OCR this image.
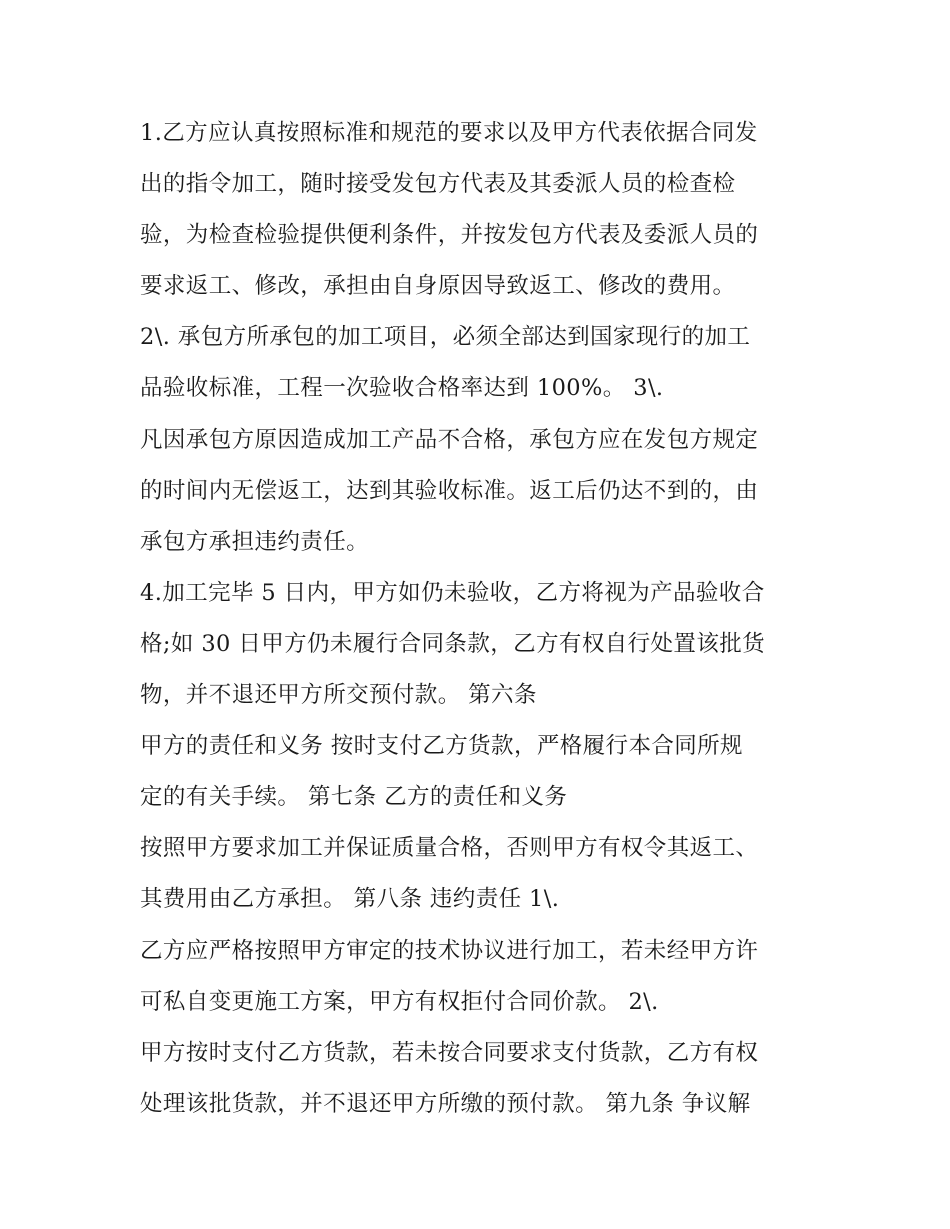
1.乙方应认真按照标准和规范的要求以及甲方代表依据合同发
出的指令加工，随时接受发包方代表及其委派人员的检查检
验，为检查检验提供便利条件，并按发包方代表及委派人员的
要求返工、修改，承担由自身原因导致返工、修改的费用。
2\. 承包方所承包的加工项目，必须全部达到国家现行的加工
品验收标准，工程一次验收合格率达到 100%。 3\.
凡因承包方原因造成加工产品不合格，承包方应在发包方规定
的时间内无偿返工，达到其验收标准。返工后仍达不到的，由
承包方承担违约责任。
4.加工完毕 5 日内，甲方如仍未验收，乙方将视为产品验收合
格;如 30 日甲方仍未履行合同条款，乙方有权自行处置该批货
物，并不退还甲方所交预付款。 第六条
甲方的责任和义务 按时支付乙方货款，严格履行本合同所规
定的有关手续。 第七条 乙方的责任和义务
按照甲方要求加工并保证质量合格，否则甲方有权令其返工、
其费用由乙方承担。 第八条 违约责任 1\.
乙方应严格按照甲方审定的技术协议进行加工，若未经甲方许
可私自变更施工方案，甲方有权拒付合同价款。 2\.
甲方按时支付乙方货款，若未按合同要求支付货款，乙方有权
处理该批货款，并不退还甲方所缴的预付款。 第九条 争议解
